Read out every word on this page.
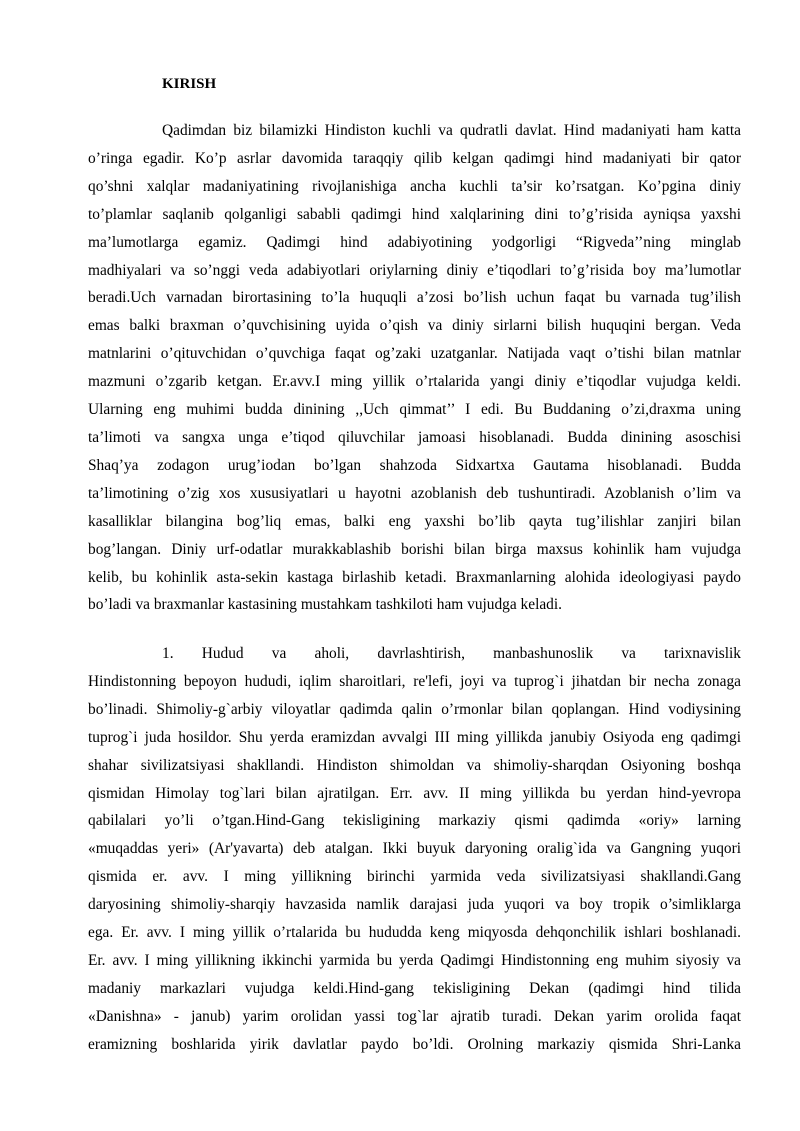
KIRISH
Qadimdan biz bilamizki Hindiston kuchli va qudratli davlat. Hind madaniyati ham katta
o’ringa egadir. Ko’p asrlar davomida taraqqiy qilib kelgan qadimgi hind madaniyati bir qator
qo’shni xalqlar madaniyatining rivojlanishiga ancha kuchli ta’sir ko’rsatgan. Ko’pgina diniy
to’plamlar saqlanib qolganligi sababli qadimgi hind xalqlarining dini to’g’risida ayniqsa yaxshi
ma’lumotlarga egamiz. Qadimgi hind adabiyotining yodgorligi “Rigveda’’ning minglab
madhiyalari va so’nggi veda adabiyotlari oriylarning diniy e’tiqodlari to’g’risida boy ma’lumotlar
beradi.Uch varnadan birortasining to’la huquqli a’zosi bo’lish uchun faqat bu varnada tug’ilish
emas balki braxman o’quvchisining uyida o’qish va diniy sirlarni bilish huquqini bergan. Veda
matnlarini o’qituvchidan o’quvchiga faqat og’zaki uzatganlar. Natijada vaqt o’tishi bilan matnlar
mazmuni o’zgarib ketgan. Er.avv.I ming yillik o’rtalarida yangi diniy e’tiqodlar vujudga keldi.
Ularning eng muhimi budda dinining ,,Uch qimmat’’ I edi. Bu Buddaning o’zi,draxma uning
ta’limoti va sangxa unga e’tiqod qiluvchilar jamoasi hisoblanadi. Budda dinining asoschisi
Shaq’ya zodagon urug’iodan bo’lgan shahzoda Sidxartxa Gautama hisoblanadi. Budda
ta’limotining o’zig xos xususiyatlari u hayotni azoblanish deb tushuntiradi. Azoblanish o’lim va
kasalliklar bilangina bog’liq emas, balki eng yaxshi bo’lib qayta tug’ilishlar zanjiri bilan
bog’langan. Diniy urf-odatlar murakkablashib borishi bilan birga maxsus kohinlik ham vujudga
kelib, bu kohinlik asta-sekin kastaga birlashib ketadi. Braxmanlarning alohida ideologiyasi paydo
bo’ladi va braxmanlar kastasining mustahkam tashkiloti ham vujudga keladi.
1. Hudud va aholi, davrlashtirish, manbashunoslik va tarixnavislik
Hindistonning bepoyon hududi, iqlim sharoitlari, re'lefi, joyi va tuprog`i jihatdan bir necha zonaga
bo’linadi. Shimoliy-g`arbiy viloyatlar qadimda qalin o’rmonlar bilan qoplangan. Hind vodiysining
tuprog`i juda hosildor. Shu yerda eramizdan avvalgi III ming yillikda janubiy Osiyoda eng qadimgi
shahar sivilizatsiyasi shakllandi. Hindiston shimoldan va shimoliy-sharqdan Osiyoning boshqa
qismidan Himolay tog`lari bilan ajratilgan. Err. avv. II ming yillikda bu yerdan hind-yevropa
qabilalari yo’li o’tgan.Hind-Gang tekisligining markaziy qismi qadimda «oriy» larning
«muqaddas yeri» (Ar'yavarta) deb atalgan. Ikki buyuk daryoning oralig`ida va Gangning yuqori
qismida er. avv. I ming yillikning birinchi yarmida veda sivilizatsiyasi shakllandi.Gang
daryosining shimoliy-sharqiy havzasida namlik darajasi juda yuqori va boy tropik o’simliklarga
ega. Er. avv. I ming yillik o’rtalarida bu hududda keng miqyosda dehqonchilik ishlari boshlanadi.
Er. avv. I ming yillikning ikkinchi yarmida bu yerda Qadimgi Hindistonning eng muhim siyosiy va
madaniy markazlari vujudga keldi.Hind-gang tekisligining Dekan (qadimgi hind tilida
«Danishna» - janub) yarim orolidan yassi tog`lar ajratib turadi. Dekan yarim orolida faqat
eramizning boshlarida yirik davlatlar paydo bo’ldi. Orolning markaziy qismida Shri-Lanka
